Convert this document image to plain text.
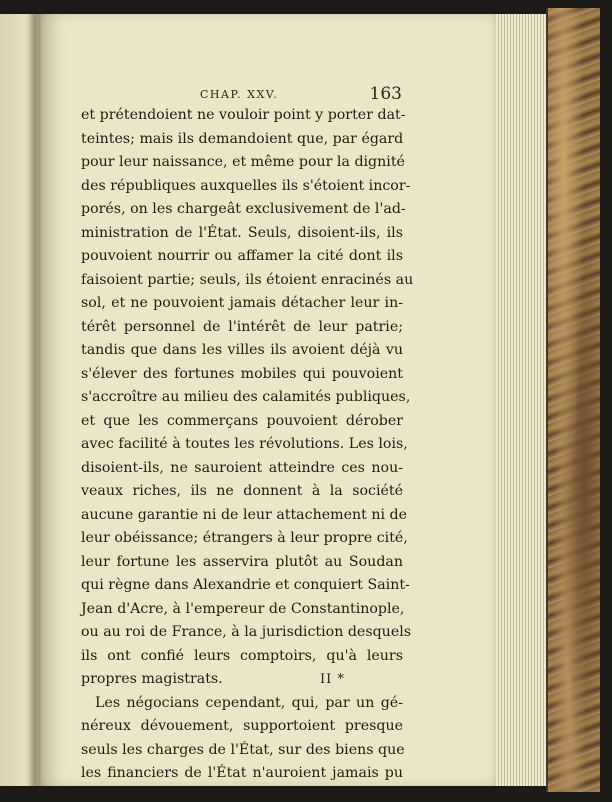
CHAP. XXV.	163
et prétendoient ne vouloir point y porter dat-
teintes; mais ils demandoient que, par égard
pour leur naissance, et même pour la dignité
des républiques auxquelles ils s'étoient incor-
porés, on les chargeât exclusivement de l'ad-
ministration de l'État. Seuls, disoient-ils, ils
pouvoient nourrir ou affamer la cité dont ils
faisoient partie; seuls, ils étoient enracinés au
sol, et ne pouvoient jamais détacher leur in-
térêt personnel de l'intérêt de leur patrie;
tandis que dans les villes ils avoient déjà vu
s'élever des fortunes mobiles qui pouvoient
s'accroître au milieu des calamités publiques,
et que les commerçans pouvoient dérober
avec facilité à toutes les révolutions. Les lois,
disoient-ils, ne sauroient atteindre ces nou-
veaux riches, ils ne donnent à la société
aucune garantie ni de leur attachement ni de
leur obéissance; étrangers à leur propre cité,
leur fortune les asservira plutôt au Soudan
qui règne dans Alexandrie et conquiert Saint-
Jean d'Acre, à l'empereur de Constantinople,
ou au roi de France, à la jurisdiction desquels
ils ont confié leurs comptoirs, qu'à leurs
propres magistrats.
Les négocians cependant, qui, par un gé-
néreux dévouement, supportoient presque
seuls les charges de l'État, sur des biens que
les financiers de l'État n'auroient jamais pu
II *
